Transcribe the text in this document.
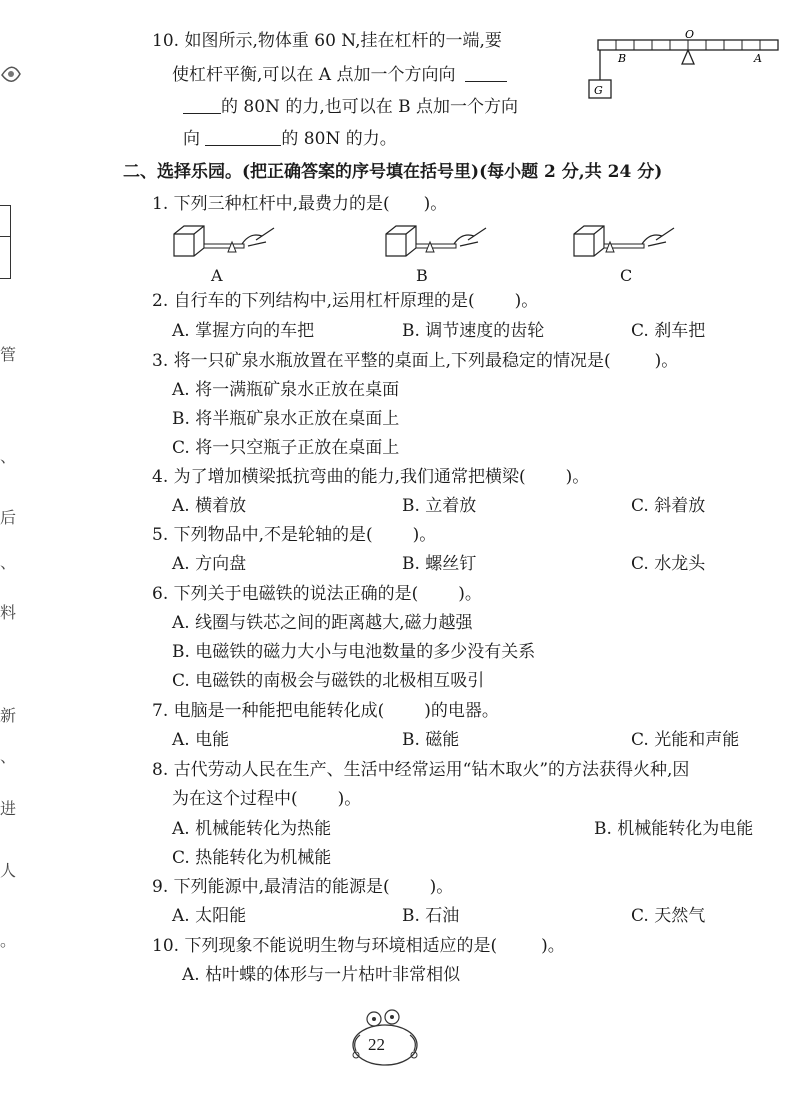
管
、
后
、
料
新
、
进
人
。
10. 如图所示,物体重 60 N,挂在杠杆的一端,要
使杠杆平衡,可以在 A 点加一个方向向
的 80N 的力,也可以在 B 点加一个方向
向	的 80N 的力。
O
B	A
G
二、选择乐园。(把正确答案的序号填在括号里)(每小题 2 分,共 24 分)
1. 下列三种杠杆中,最费力的是( )。
A	B	C
2. 自行车的下列结构中,运用杠杆原理的是( )。
A. 掌握方向的车把	B. 调节速度的齿轮	C. 刹车把
3. 将一只矿泉水瓶放置在平整的桌面上,下列最稳定的情况是(	)。
A. 将一满瓶矿泉水正放在桌面
B. 将半瓶矿泉水正放在桌面上
C. 将一只空瓶子正放在桌面上
4. 为了增加横梁抵抗弯曲的能力,我们通常把横梁( )。
A. 横着放	B. 立着放	C. 斜着放
5. 下列物品中,不是轮轴的是( )。
A. 方向盘	B. 螺丝钉	C. 水龙头
6. 下列关于电磁铁的说法正确的是( )。
A. 线圈与铁芯之间的距离越大,磁力越强
B. 电磁铁的磁力大小与电池数量的多少没有关系
C. 电磁铁的南极会与磁铁的北极相互吸引
7. 电脑是一种能把电能转化成( )的电器。
A. 电能	B. 磁能	C. 光能和声能
8. 古代劳动人民在生产、生活中经常运用“钻木取火”的方法获得火种,因
为在这个过程中( )。
A. 机械能转化为热能	B. 机械能转化为电能
C. 热能转化为机械能
9. 下列能源中,最清洁的能源是( )。
A. 太阳能	B. 石油	C. 天然气
10. 下列现象不能说明生物与环境相适应的是(	)。
A. 枯叶蝶的体形与一片枯叶非常相似
22
